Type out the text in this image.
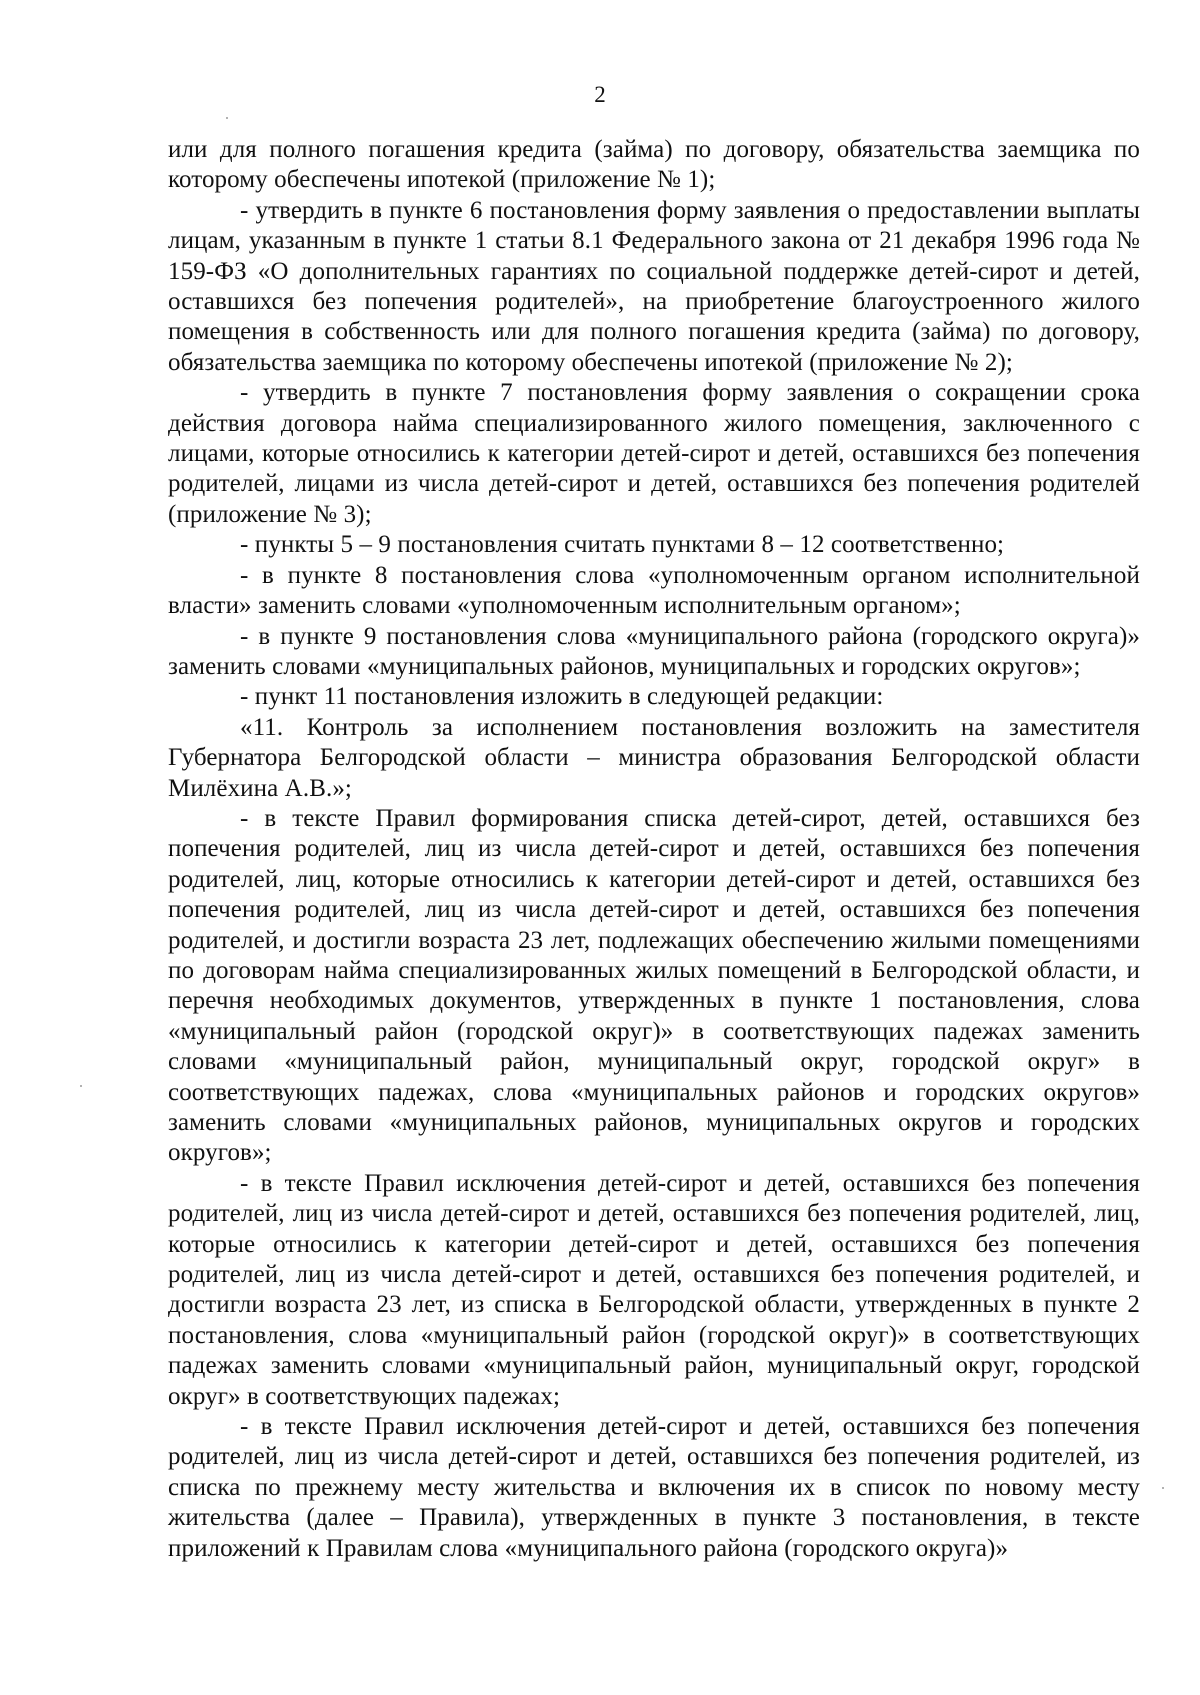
2

или для полного погашения кредита (займа) по договору, обязательства заемщика по которому обеспечены ипотекой (приложение № 1);

- утвердить в пункте 6 постановления форму заявления о предоставлении выплаты лицам, указанным в пункте 1 статьи 8.1 Федерального закона от 21 декабря 1996 года № 159-ФЗ «О дополнительных гарантиях по социальной поддержке детей-сирот и детей, оставшихся без попечения родителей», на приобретение благоустроенного жилого помещения в собственность или для полного погашения кредита (займа) по договору, обязательства заемщика по которому обеспечены ипотекой (приложение № 2);

- утвердить в пункте 7 постановления форму заявления о сокращении срока действия договора найма специализированного жилого помещения, заключенного с лицами, которые относились к категории детей-сирот и детей, оставшихся без попечения родителей, лицами из числа детей-сирот и детей, оставшихся без попечения родителей (приложение № 3);

- пункты 5 – 9 постановления считать пунктами 8 – 12 соответственно;

- в пункте 8 постановления слова «уполномоченным органом исполнительной власти» заменить словами «уполномоченным исполнительным органом»;

- в пункте 9 постановления слова «муниципального района (городского округа)» заменить словами «муниципальных районов, муниципальных и городских округов»;

- пункт 11 постановления изложить в следующей редакции:

«11. Контроль за исполнением постановления возложить на заместителя Губернатора Белгородской области – министра образования Белгородской области Милёхина А.В.»;

- в тексте Правил формирования списка детей-сирот, детей, оставшихся без попечения родителей, лиц из числа детей-сирот и детей, оставшихся без попечения родителей, лиц, которые относились к категории детей-сирот и детей, оставшихся без попечения родителей, лиц из числа детей-сирот и детей, оставшихся без попечения родителей, и достигли возраста 23 лет, подлежащих обеспечению жилыми помещениями по договорам найма специализированных жилых помещений в Белгородской области, и перечня необходимых документов, утвержденных в пункте 1 постановления, слова «муниципальный район (городской округ)» в соответствующих падежах заменить словами «муниципальный район, муниципальный округ, городской округ» в соответствующих падежах, слова «муниципальных районов и городских округов» заменить словами «муниципальных районов, муниципальных округов и городских округов»;

- в тексте Правил исключения детей-сирот и детей, оставшихся без попечения родителей, лиц из числа детей-сирот и детей, оставшихся без попечения родителей, лиц, которые относились к категории детей-сирот и детей, оставшихся без попечения родителей, лиц из числа детей-сирот и детей, оставшихся без попечения родителей, и достигли возраста 23 лет, из списка в Белгородской области, утвержденных в пункте 2 постановления, слова «муниципальный район (городской округ)» в соответствующих падежах заменить словами «муниципальный район, муниципальный округ, городской округ» в соответствующих падежах;

- в тексте Правил исключения детей-сирот и детей, оставшихся без попечения родителей, лиц из числа детей-сирот и детей, оставшихся без попечения родителей, из списка по прежнему месту жительства и включения их в список по новому месту жительства (далее – Правила), утвержденных в пункте 3 постановления, в тексте приложений к Правилам слова «муниципального района (городского округа)»
